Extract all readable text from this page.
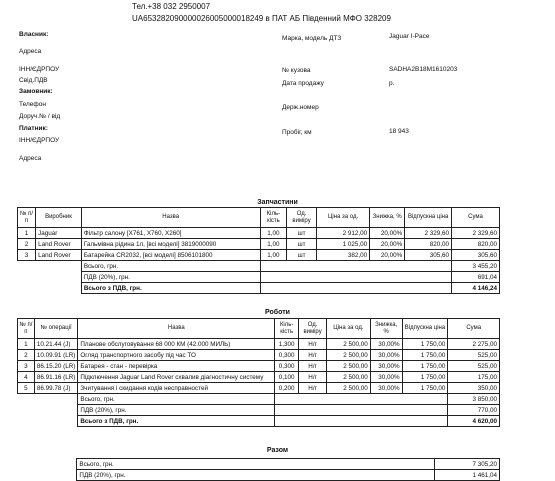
Тел.+38 032 2950007
UA653282090000026005000018249 в ПАТ АБ Південний МФО 328209
Власник:
Адреса
ІНН/ЄДРПОУ
Свід.ПДВ
Замовник:
Телефон
Доруч.№ / від
Платник:
ІНН/ЄДРПОУ
Адреса
Марка, модель ДТЗ	Jaguar I-Pace
№ кузова	SADHA2B18M1610203
Дата продажу	р.
Держ.номер
Пробіг, км	18 943
Запчастини
№ п/п	Виробник	Назва	Кіль-кість	Од. виміру	Ціна за од.	Знижка, %	Відпускна ціна	Сума
1	Jaguar	Фільтр салону [X761, X760, X260]	1,00	шт	2 912,00	20,00%	2 329,60	2 329,60
2	Land Rover	Гальмівна рідина 1л, [всі моделі] 3819000090	1,00	шт	1 025,00	20,00%	820,00	820,00
3	Land Rover	Батарейка CR2032, [всі моделі] 8506101800	1,00	шт	382,00	20,00%	305,60	305,60
		Всього, грн.						3 455,20
		ПДВ (20%), грн.						691,04
		Всього з ПДВ, грн.						4 146,24
Роботи
№ п/п	№ операції	Назва	Кіль-кість	Од. виміру	Ціна за од.	Знижка, %	Відпускна ціна	Сума
1	10.21.44 (J)	Планове обслуговування 68 000 КМ (42.000 МИЛЬ)	1,300	Н/г	2 500,00	30,00%	1 750,00	2 275,00
2	10.09.91 (LR)	Огляд транспортного засобу під час ТО	0,300	Н/г	2 500,00	30,00%	1 750,00	525,00
3	86.15.20 (LR)	Батарея - стан - перевірка	0,300	Н/г	2 500,00	30,00%	1 750,00	525,00
4	86.91.16 (LR)	Підключення Jaguar Land Rover схвалив діагностичну систему	0,100	Н/г	2 500,00	30,00%	1 750,00	175,00
5	86.99.78 (J)	Зчитування і скидання кодів несправностей	0,200	Н/г	2 500,00	30,00%	1 750,00	350,00
		Всього, грн.						3 850,00
		ПДВ (20%), грн.						770,00
		Всього з ПДВ, грн.						4 620,00
Разом
	Всього, грн.	7 305,20
	ПДВ (20%), грн.	1 461,04
